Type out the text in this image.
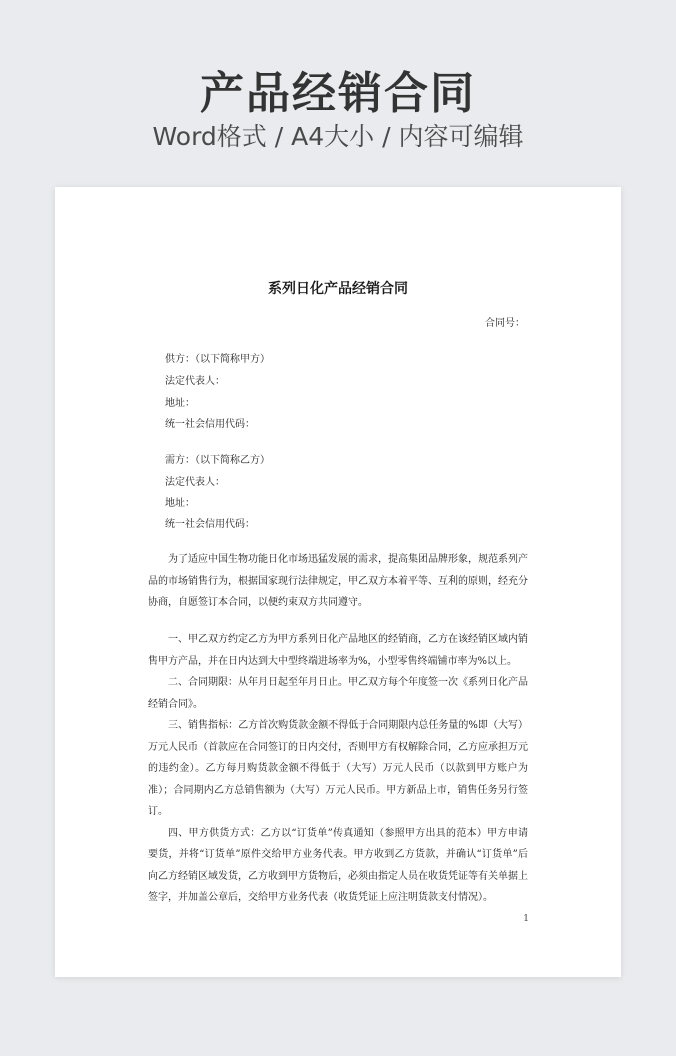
产品经销合同
Word格式 / A4大小 / 内容可编辑
系列日化产品经销合同
合同号：
供方：（以下简称甲方）
法定代表人：
地址：
统一社会信用代码：
需方：（以下简称乙方）
法定代表人：
地址：
统一社会信用代码：

为了适应中国生物功能日化市场迅猛发展的需求，提高集团品牌形象，规范系列产品的市场销售行为，根据国家现行法律规定，甲乙双方本着平等、互利的原则，经充分协商，自愿签订本合同，以便约束双方共同遵守。

一、甲乙双方约定乙方为甲方系列日化产品地区的经销商，乙方在该经销区域内销售甲方产品，并在日内达到大中型终端进场率为%，小型零售终端铺市率为%以上。

二、合同期限：从年月日起至年月日止。甲乙双方每个年度签一次《系列日化产品经销合同》。

三、销售指标：乙方首次购货款金额不得低于合同期限内总任务量的%即（大写）万元人民币（首款应在合同签订的日内交付，否则甲方有权解除合同，乙方应承担万元的违约金）。乙方每月购货款金额不得低于（大写）万元人民币（以款到甲方账户为准）；合同期内乙方总销售额为（大写）万元人民币。甲方新品上市，销售任务另行签订。

四、甲方供货方式：乙方以“订货单”传真通知（参照甲方出具的范本）甲方申请要货，并将“订货单”原件交给甲方业务代表。甲方收到乙方货款，并确认“订货单”后向乙方经销区域发货，乙方收到甲方货物后，必须由指定人员在收货凭证等有关单据上签字，并加盖公章后，交给甲方业务代表（收货凭证上应注明货款支付情况）。

1
